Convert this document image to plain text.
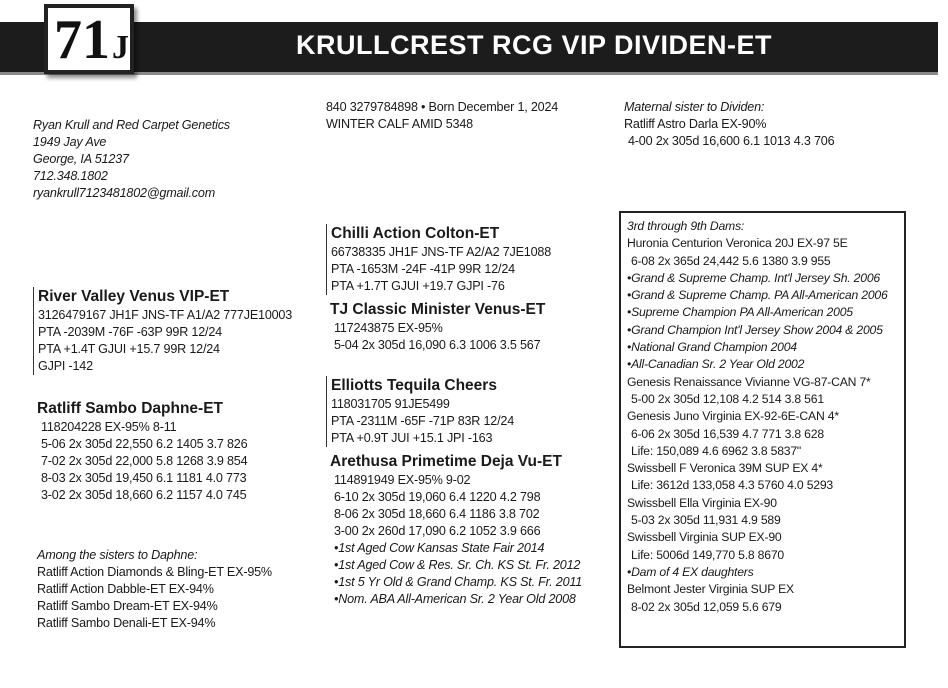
KRULLCREST RCG VIP DIVIDEN-ET
71J
Ryan Krull and Red Carpet Genetics
1949 Jay Ave
George, IA 51237
712.348.1802
ryankrull7123481802@gmail.com
840 3279784898 • Born December 1, 2024
WINTER CALF AMID 5348
Maternal sister to Dividen:
Ratliff Astro Darla EX-90%
4-00 2x 305d 16,600 6.1 1013 4.3 706
River Valley Venus VIP-ET
3126479167 JH1F JNS-TF A1/A2 777JE10003
PTA -2039M -76F -63P 99R 12/24
PTA +1.4T GJUI +15.7 99R 12/24
GJPI -142
Ratliff Sambo Daphne-ET
118204228 EX-95% 8-11
5-06 2x 305d 22,550 6.2 1405 3.7 826
7-02 2x 305d 22,000 5.8 1268 3.9 854
8-03 2x 305d 19,450 6.1 1181 4.0 773
3-02 2x 305d 18,660 6.2 1157 4.0 745
Among the sisters to Daphne:
Ratliff Action Diamonds & Bling-ET EX-95%
Ratliff Action Dabble-ET EX-94%
Ratliff Sambo Dream-ET EX-94%
Ratliff Sambo Denali-ET EX-94%
Chilli Action Colton-ET
66738335 JH1F JNS-TF A2/A2 7JE1088
PTA -1653M -24F -41P 99R 12/24
PTA +1.7T GJUI +19.7 GJPI -76
TJ Classic Minister Venus-ET
117243875 EX-95%
5-04 2x 305d 16,090 6.3 1006 3.5 567
Elliotts Tequila Cheers
118031705 91JE5499
PTA -2311M -65F -71P 83R 12/24
PTA +0.9T JUI +15.1 JPI -163
Arethusa Primetime Deja Vu-ET
114891949 EX-95% 9-02
6-10 2x 305d 19,060 6.4 1220 4.2 798
8-06 2x 305d 18,660 6.4 1186 3.8 702
3-00 2x 260d 17,090 6.2 1052 3.9 666
•1st Aged Cow Kansas State Fair 2014
•1st Aged Cow & Res. Sr. Ch. KS St. Fr. 2012
•1st 5 Yr Old & Grand Champ. KS St. Fr. 2011
•Nom. ABA All-American Sr. 2 Year Old 2008
3rd through 9th Dams:
Huronia Centurion Veronica 20J EX-97 5E
6-08 2x 365d 24,442 5.6 1380 3.9 955
•Grand & Supreme Champ. Int'l Jersey Sh. 2006
•Grand & Supreme Champ. PA All-American 2006
•Supreme Champion PA All-American 2005
•Grand Champion Int'l Jersey Show 2004 & 2005
•National Grand Champion 2004
•All-Canadian Sr. 2 Year Old 2002
Genesis Renaissance Vivianne VG-87-CAN 7*
5-00 2x 305d 12,108 4.2 514 3.8 561
Genesis Juno Virginia EX-92-6E-CAN 4*
6-06 2x 305d 16,539 4.7 771 3.8 628
Life: 150,089 4.6 6962 3.8 5837"
Swissbell F Veronica 39M SUP EX 4*
Life: 3612d 133,058 4.3 5760 4.0 5293
Swissbell Ella Virginia EX-90
5-03 2x 305d 11,931 4.9 589
Swissbell Virginia SUP EX-90
Life: 5006d 149,770 5.8 8670
•Dam of 4 EX daughters
Belmont Jester Virginia SUP EX
8-02 2x 305d 12,059 5.6 679
